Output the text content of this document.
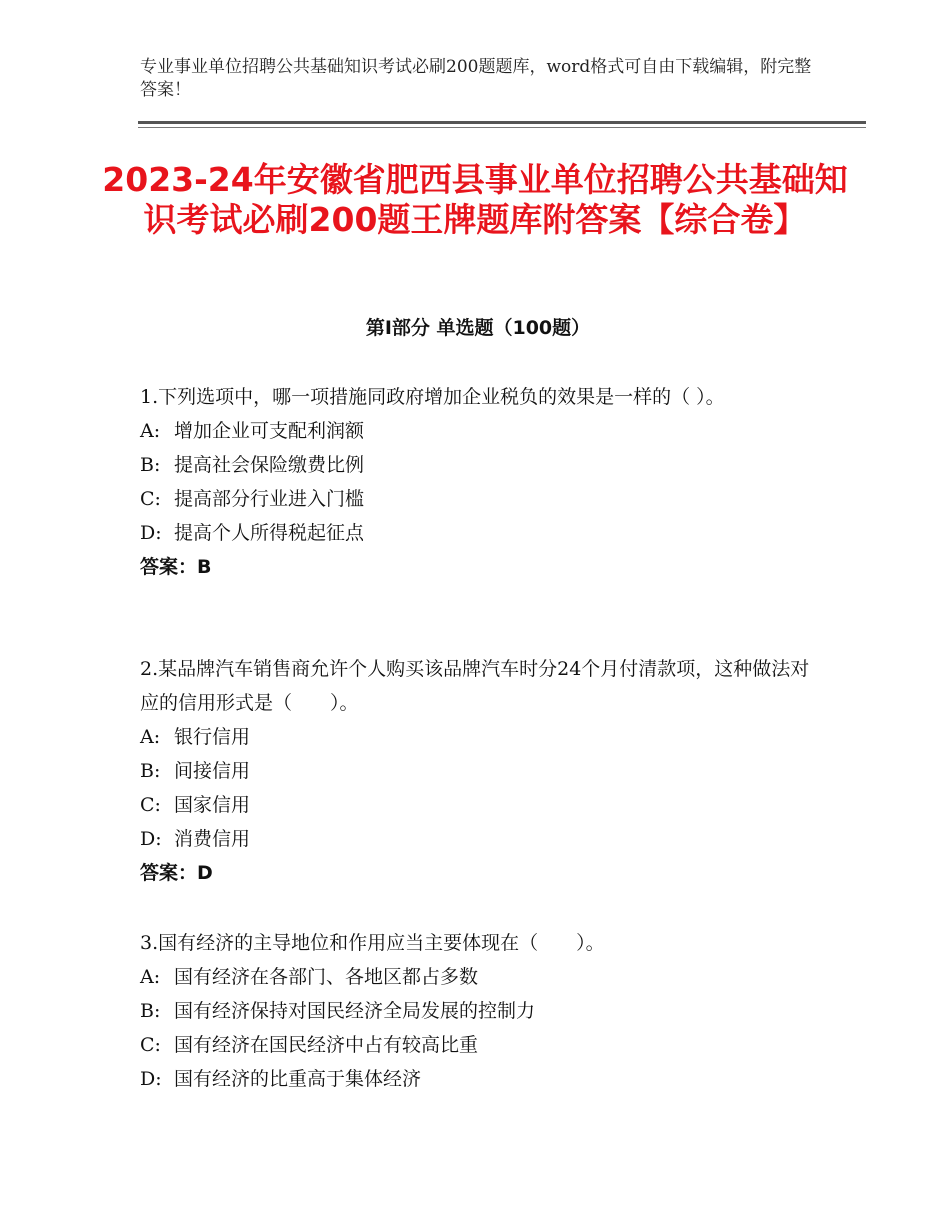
专业事业单位招聘公共基础知识考试必刷200题题库，word格式可自由下载编辑，附完整答案！
2023-24年安徽省肥西县事业单位招聘公共基础知识考试必刷200题王牌题库附答案【综合卷】
第Ⅰ部分 单选题（100题）

1.下列选项中，哪一项措施同政府增加企业税负的效果是一样的（ ）。

A: 增加企业可支配利润额

B: 提高社会保险缴费比例

C: 提高部分行业进入门槛

D: 提高个人所得税起征点

答案：B

2.某品牌汽车销售商允许个人购买该品牌汽车时分24个月付清款项，这种做法对应的信用形式是（　　）。

A: 银行信用

B: 间接信用

C: 国家信用

D: 消费信用

答案：D

3.国有经济的主导地位和作用应当主要体现在（　　）。

A: 国有经济在各部门、各地区都占多数

B: 国有经济保持对国民经济全局发展的控制力

C: 国有经济在国民经济中占有较高比重

D: 国有经济的比重高于集体经济
